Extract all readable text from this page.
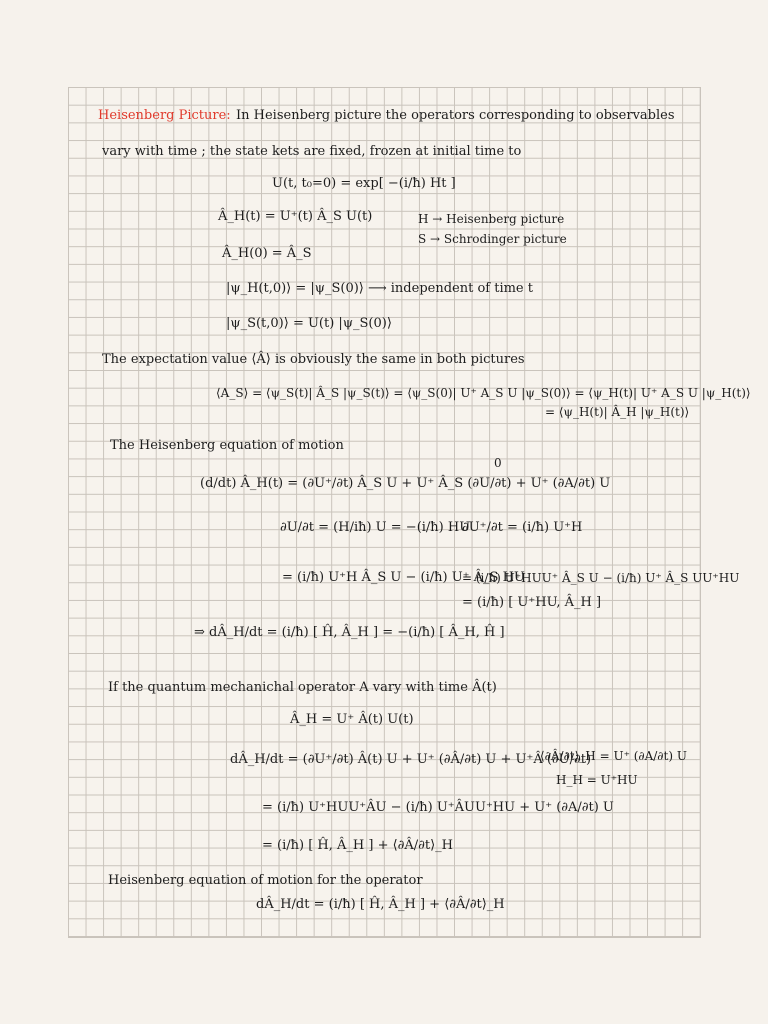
Heisenberg Picture: In Heisenberg picture the operators corresponding to observables
vary with time ; the state kets are fixed, frozen at initial time to
U(t, t₀=0) = exp[ −(i/ħ) Ht ]
Â_H(t) = U⁺(t) Â_S U(t)	H → Heisenberg picture
S → Schrodinger picture
Â_H(0) = Â_S
|ψ_H(t,0)⟩ = |ψ_S(0)⟩ ⟶ independent of time t
|ψ_S(t,0)⟩ = U(t) |ψ_S(0)⟩
The expectation value ⟨Â⟩ is obviously the same in both pictures
⟨A_S⟩ = ⟨ψ_S(t)| Â_S |ψ_S(t)⟩ = ⟨ψ_S(0)| U⁺ A_S U |ψ_S(0)⟩ = ⟨ψ_H(t)| U⁺ A_S U |ψ_H(t)⟩
= ⟨ψ_H(t)| Â_H |ψ_H(t)⟩
The Heisenberg equation of motion
0
(d/dt) Â_H(t) = (∂U⁺/∂t) Â_S U + U⁺ Â_S (∂U/∂t) + U⁺ (∂A/∂t) U
∂U/∂t = (H/iħ) U = −(i/ħ) HU
∂U⁺/∂t = (i/ħ) U⁺H
= (i/ħ) U⁺H Â_S U − (i/ħ) U⁺ Â_S HU
= (i/ħ) U⁺HUU⁺ Â_S U − (i/ħ) U⁺ Â_S UU⁺HU
= (i/ħ) [ U⁺HU, Â_H ]
⇒ dÂ_H/dt = (i/ħ) [ Ĥ, Â_H ] = −(i/ħ) [ Â_H, Ĥ ]
If the quantum mechanichal operator A vary with time Â(t)
Â_H = U⁺ Â(t) U(t)
dÂ_H/dt = (∂U⁺/∂t) Â(t) U + U⁺ (∂Â/∂t) U + U⁺Â (∂U/∂t)
⟨∂Â/∂t⟩_H = U⁺ (∂A/∂t) U
H_H = U⁺HU
= (i/ħ) U⁺HUU⁺ÂU − (i/ħ) U⁺ÂUU⁺HU + U⁺ (∂A/∂t) U
= (i/ħ) [ Ĥ, Â_H ] + ⟨∂Â/∂t⟩_H
Heisenberg equation of motion for the operator
dÂ_H/dt = (i/ħ) [ Ĥ, Â_H ] + ⟨∂Â/∂t⟩_H
